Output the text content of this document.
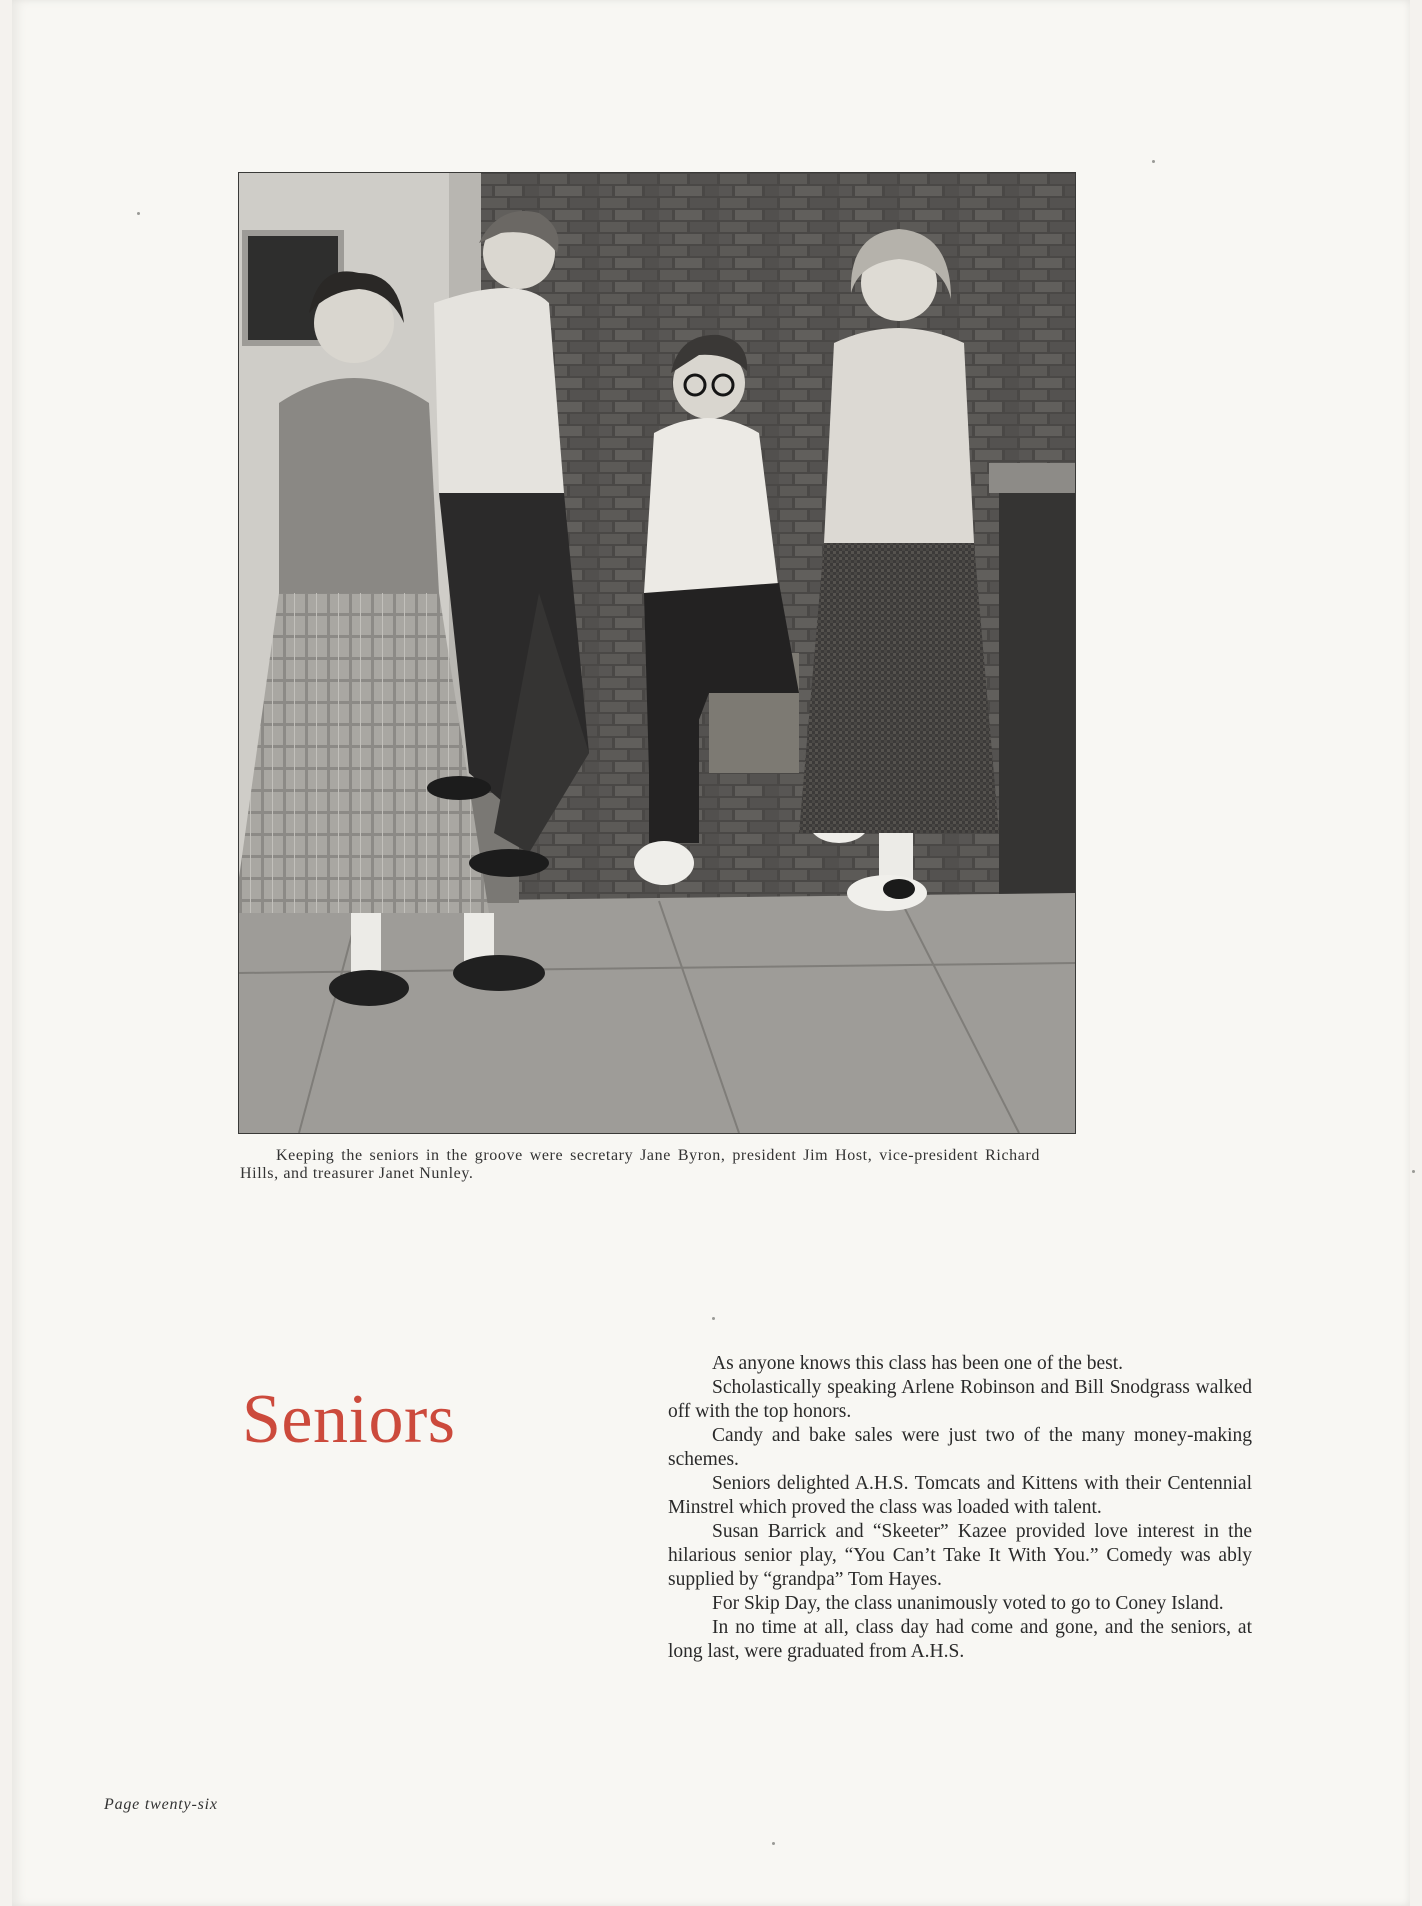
Keeping the seniors in the groove were secretary Jane Byron, president Jim Host, vice-president Richard Hills, and treasurer Janet Nunley.

Seniors

As anyone knows this class has been one of the best.

Scholastically speaking Arlene Robinson and Bill Snodgrass walked off with the top honors.

Candy and bake sales were just two of the many money-making schemes.

Seniors delighted A.H.S. Tomcats and Kittens with their Centennial Minstrel which proved the class was loaded with talent.

Susan Barrick and “Skeeter” Kazee provided love interest in the hilarious senior play, “You Can’t Take It With You.” Comedy was ably supplied by “grandpa” Tom Hayes.

For Skip Day, the class unanimously voted to go to Coney Island.

In no time at all, class day had come and gone, and the seniors, at long last, were graduated from A.H.S.

Page twenty-six
